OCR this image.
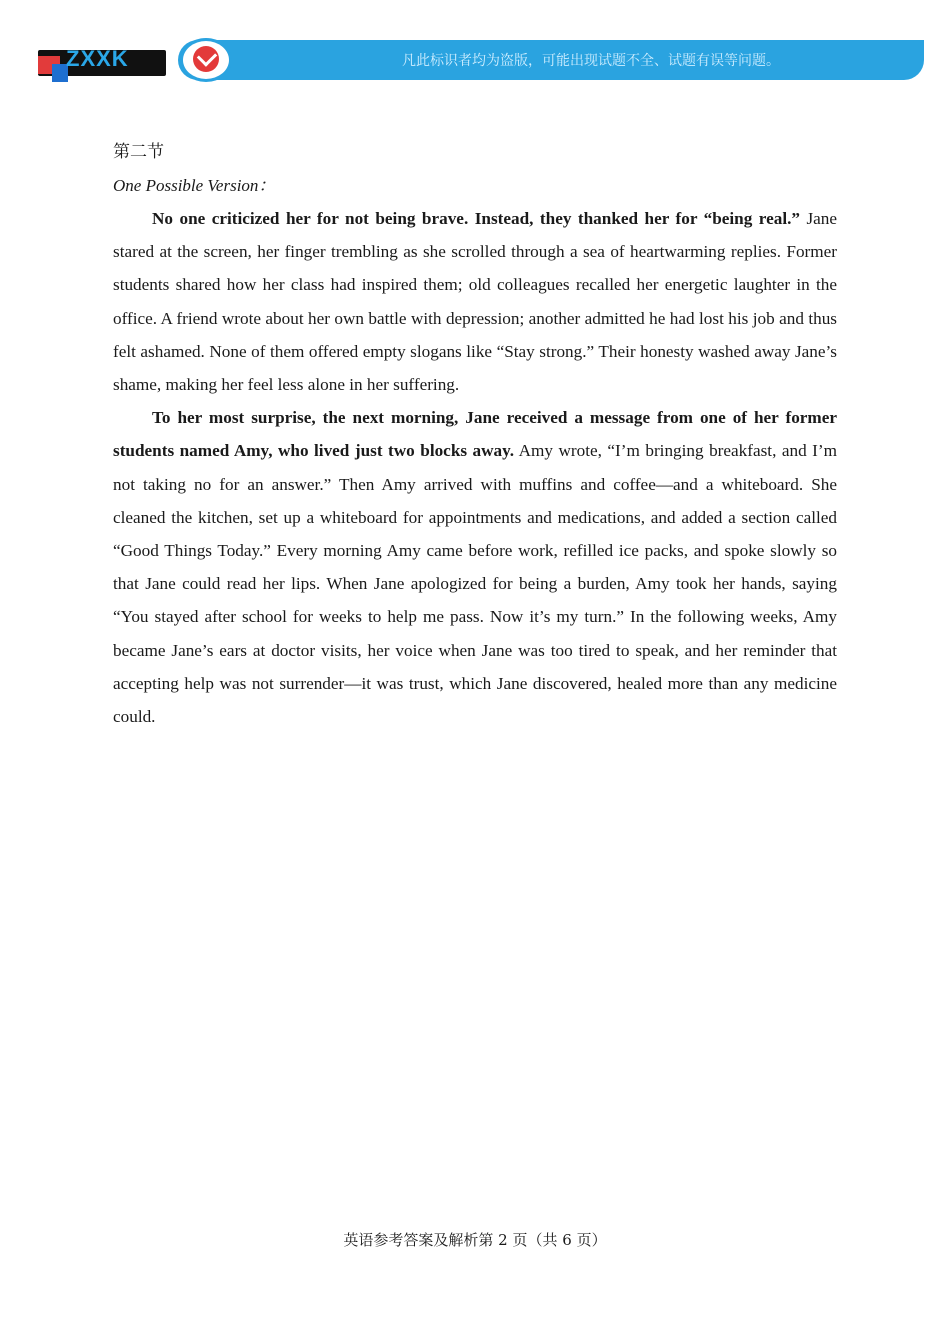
ZXXK	凡此标识者均为盗版，可能出现试题不全、试题有误等问题。

第二节

One Possible Version：

No one criticized her for not being brave. Instead, they thanked her for “being real.” Jane stared at the screen, her finger trembling as she scrolled through a sea of heartwarming replies. Former students shared how her class had inspired them; old colleagues recalled her energetic laughter in the office. A friend wrote about her own battle with depression; another admitted he had lost his job and thus felt ashamed. None of them offered empty slogans like “Stay strong.” Their honesty washed away Jane’s shame, making her feel less alone in her suffering.

To her most surprise, the next morning, Jane received a message from one of her former students named Amy, who lived just two blocks away. Amy wrote, “I’m bringing breakfast, and I’m not taking no for an answer.” Then Amy arrived with muffins and coffee—and a whiteboard. She cleaned the kitchen, set up a whiteboard for appointments and medications, and added a section called “Good Things Today.” Every morning Amy came before work, refilled ice packs, and spoke slowly so that Jane could read her lips. When Jane apologized for being a burden, Amy took her hands, saying “You stayed after school for weeks to help me pass. Now it’s my turn.” In the following weeks, Amy became Jane’s ears at doctor visits, her voice when Jane was too tired to speak, and her reminder that accepting help was not surrender—it was trust, which Jane discovered, healed more than any medicine could.

英语参考答案及解析第 2 页（共 6 页）
